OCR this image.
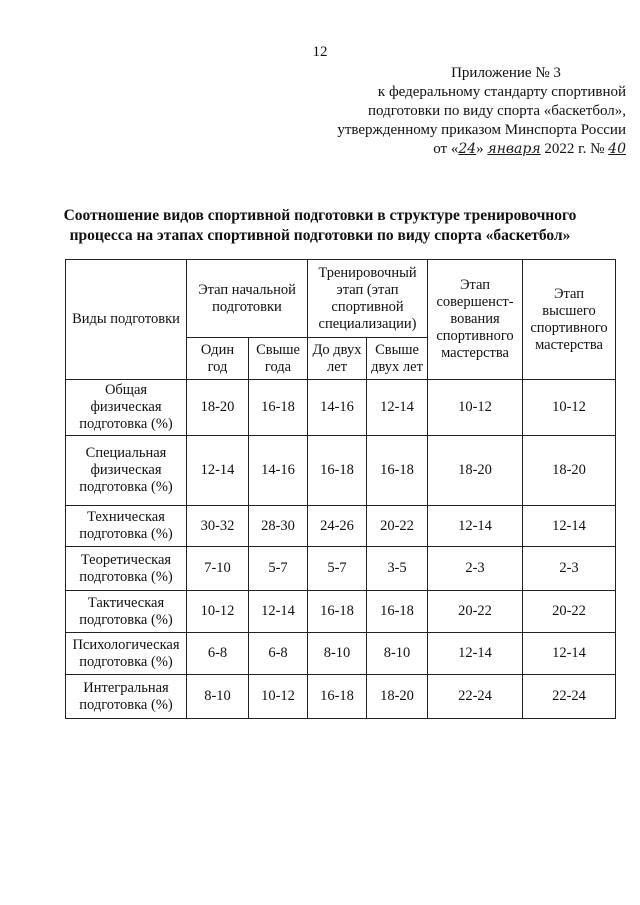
12
Приложение № 3
к федеральному стандарту спортивной
подготовки по виду спорта «баскетбол»,
утвержденному приказом Минспорта России
от «24» января 2022 г. № 40
Соотношение видов спортивной подготовки в структуре тренировочного
процесса на этапах спортивной подготовки по виду спорта «баскетбол»
Виды подготовки	Этап начальной подготовки		Тренировочный этап (этап спортивной специализации)		Этап совершенст-вования спортивного мастерства	Этап высшего спортивного мастерства
	Один год	Свыше года	До двух лет	Свыше двух лет		
Общая физическая подготовка (%)	18-20	16-18	14-16	12-14	10-12	10-12
Специальная физическая подготовка (%)	12-14	14-16	16-18	16-18	18-20	18-20
Техническая подготовка (%)	30-32	28-30	24-26	20-22	12-14	12-14
Теоретическая подготовка (%)	7-10	5-7	5-7	3-5	2-3	2-3
Тактическая подготовка (%)	10-12	12-14	16-18	16-18	20-22	20-22
Психологическая подготовка (%)	6-8	6-8	8-10	8-10	12-14	12-14
Интегральная подготовка (%)	8-10	10-12	16-18	18-20	22-24	22-24
